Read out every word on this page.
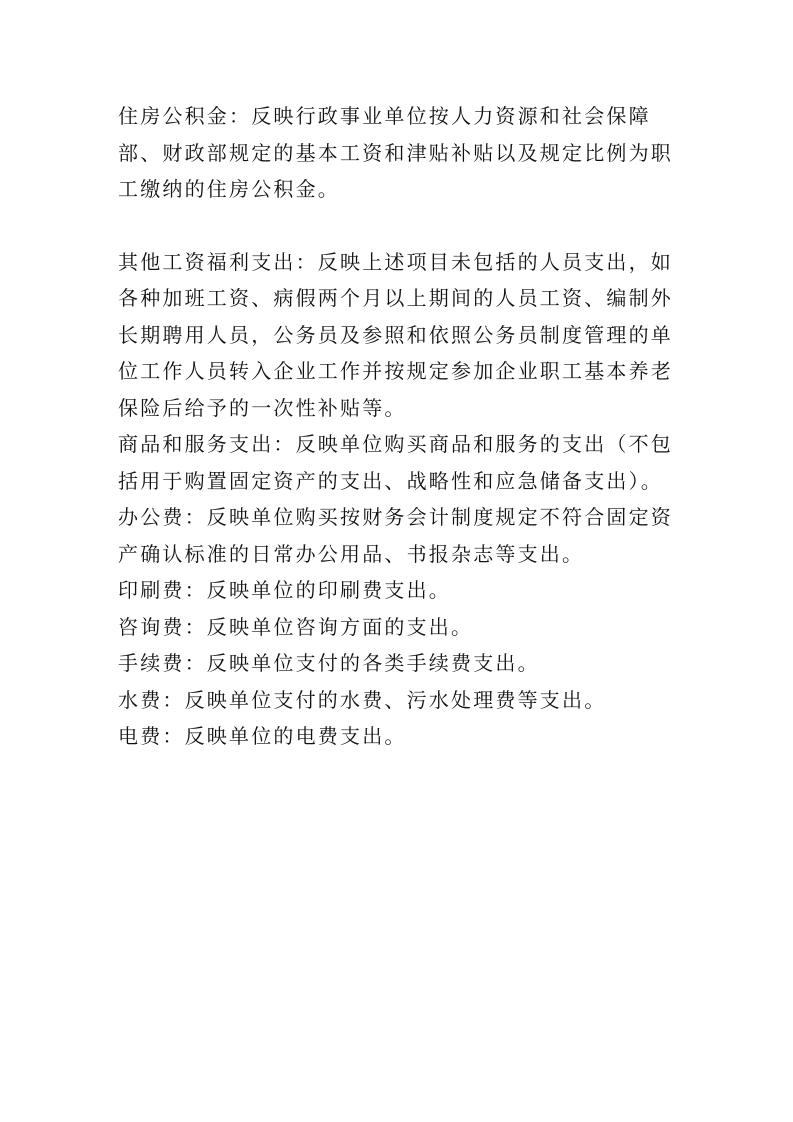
住房公积金：反映行政事业单位按人力资源和社会保障部、财政部规定的基本工资和津贴补贴以及规定比例为职工缴纳的住房公积金。

其他工资福利支出：反映上述项目未包括的人员支出，如各种加班工资、病假两个月以上期间的人员工资、编制外长期聘用人员，公务员及参照和依照公务员制度管理的单位工作人员转入企业工作并按规定参加企业职工基本养老保险后给予的一次性补贴等。

商品和服务支出：反映单位购买商品和服务的支出（不包括用于购置固定资产的支出、战略性和应急储备支出）。

办公费：反映单位购买按财务会计制度规定不符合固定资产确认标准的日常办公用品、书报杂志等支出。

印刷费：反映单位的印刷费支出。

咨询费：反映单位咨询方面的支出。

手续费：反映单位支付的各类手续费支出。

水费：反映单位支付的水费、污水处理费等支出。

电费：反映单位的电费支出。
